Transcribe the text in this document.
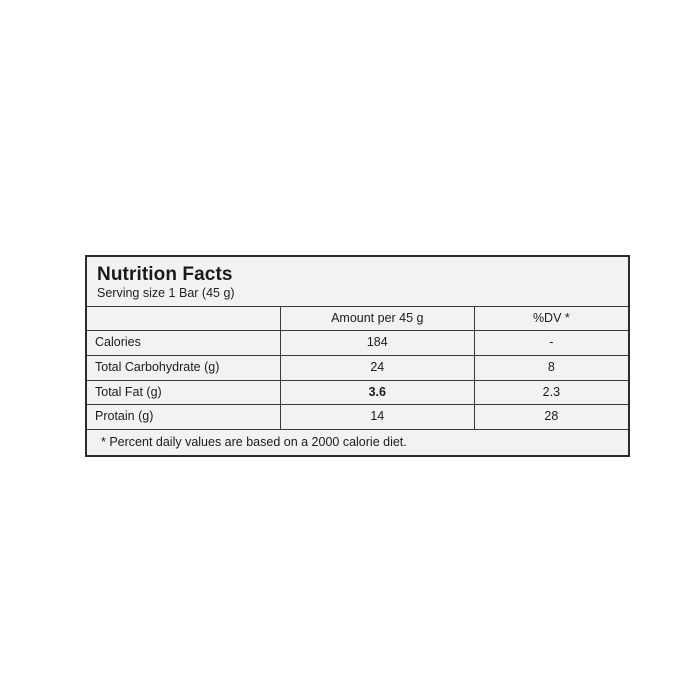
Nutrition Facts
Serving size 1 Bar (45 g)
	Amount per 45 g	%DV *
Calories	184	-
Total Carbohydrate (g)	24	8
Total Fat (g)	3.6	2.3
Protain (g)	14	28
* Percent daily values are based on a 2000 calorie diet.
